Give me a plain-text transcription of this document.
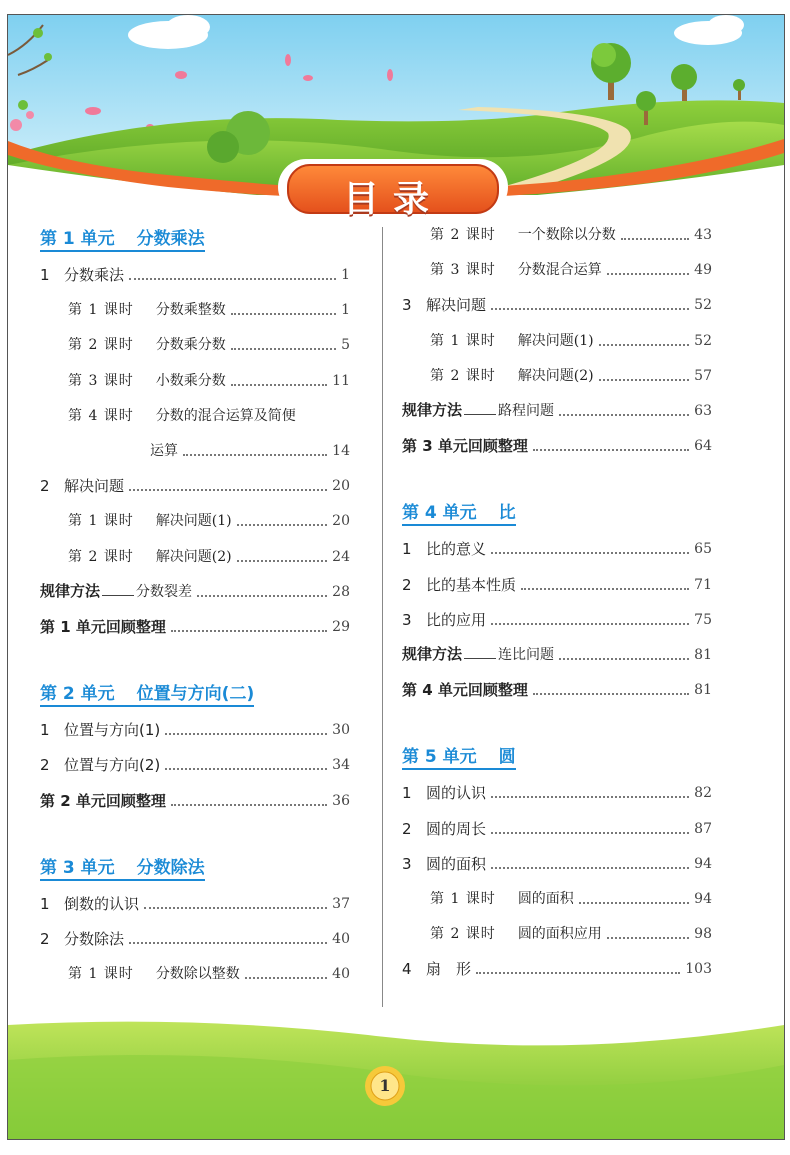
目录
第 1 单元 分数乘法
1 分数乘法	1
第 1 课时 分数乘整数	1
第 2 课时 分数乘分数	5
第 3 课时 小数乘分数	11
第 4 课时 分数的混合运算及简便
运算	14
2 解决问题	20
第 1 课时 解决问题(1)	20
第 2 课时 解决问题(2)	24
规律方法	分数裂差	28
第 1 单元回顾整理	29
第 2 单元 位置与方向(二)
1 位置与方向(1)	30
2 位置与方向(2)	34
第 2 单元回顾整理	36
第 3 单元 分数除法
1 倒数的认识	37
2 分数除法	40
第 1 课时 分数除以整数	40
第 2 课时 一个数除以分数	43
第 3 课时 分数混合运算	49
3 解决问题	52
第 1 课时 解决问题(1)	52
第 2 课时 解决问题(2)	57
规律方法	路程问题	63
第 3 单元回顾整理	64
第 4 单元 比
1 比的意义	65
2 比的基本性质	71
3 比的应用	75
规律方法	连比问题	81
第 4 单元回顾整理	81
第 5 单元 圆
1 圆的认识	82
2 圆的周长	87
3 圆的面积	94
第 1 课时 圆的面积	94
第 2 课时 圆的面积应用	98
4 扇　形	103
1
